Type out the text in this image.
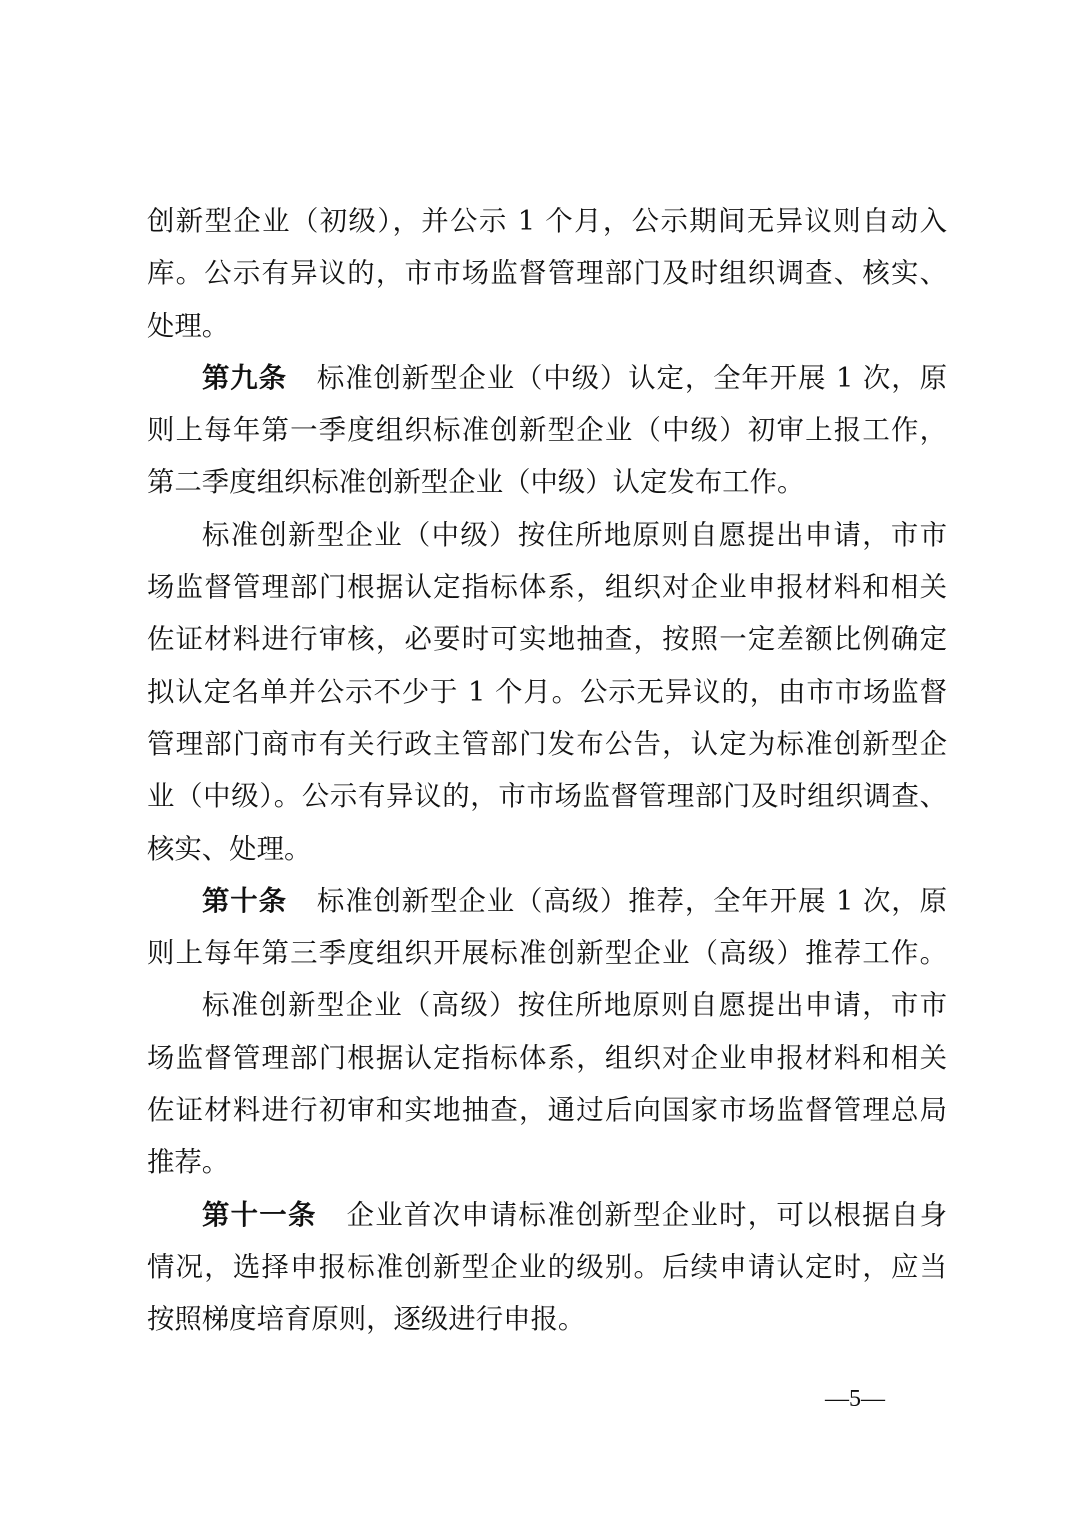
创新型企业（初级），并公示 1 个月，公示期间无异议则自动入
库。公示有异议的，市市场监督管理部门及时组织调查、核实、
处理。
第九条 标准创新型企业（中级）认定，全年开展 1 次，原
则上每年第一季度组织标准创新型企业（中级）初审上报工作，
第二季度组织标准创新型企业（中级）认定发布工作。
标准创新型企业（中级）按住所地原则自愿提出申请，市市
场监督管理部门根据认定指标体系，组织对企业申报材料和相关
佐证材料进行审核，必要时可实地抽查，按照一定差额比例确定
拟认定名单并公示不少于 1 个月。公示无异议的，由市市场监督
管理部门商市有关行政主管部门发布公告，认定为标准创新型企
业（中级）。公示有异议的，市市场监督管理部门及时组织调查、
核实、处理。
第十条 标准创新型企业（高级）推荐，全年开展 1 次，原
则上每年第三季度组织开展标准创新型企业（高级）推荐工作。
标准创新型企业（高级）按住所地原则自愿提出申请，市市
场监督管理部门根据认定指标体系，组织对企业申报材料和相关
佐证材料进行初审和实地抽查，通过后向国家市场监督管理总局
推荐。
第十一条 企业首次申请标准创新型企业时，可以根据自身
情况，选择申报标准创新型企业的级别。后续申请认定时，应当
按照梯度培育原则，逐级进行申报。
—5—
